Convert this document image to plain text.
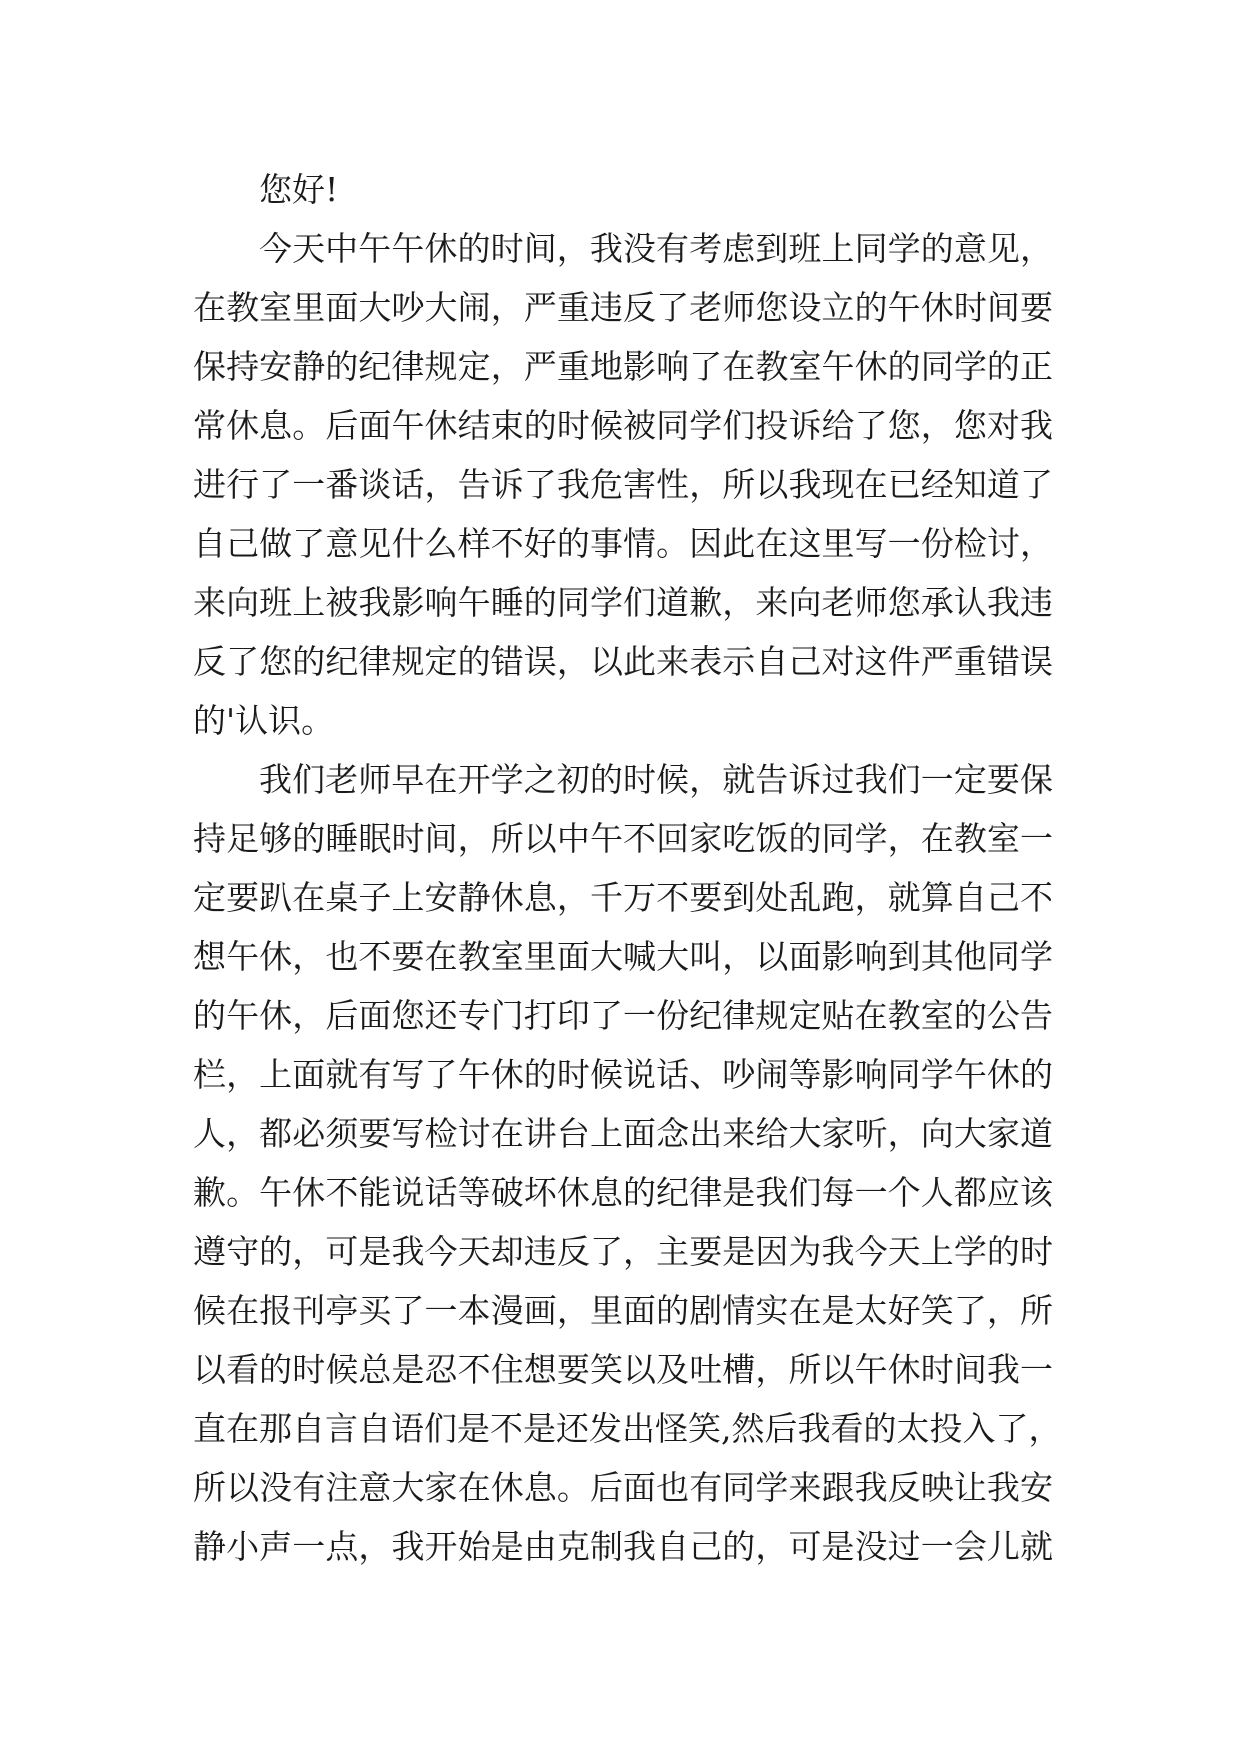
您好!
今天中午午休的时间，我没有考虑到班上同学的意见，
在教室里面大吵大闹，严重违反了老师您设立的午休时间要
保持安静的纪律规定，严重地影响了在教室午休的同学的正
常休息。后面午休结束的时候被同学们投诉给了您，您对我
进行了一番谈话，告诉了我危害性，所以我现在已经知道了
自己做了意见什么样不好的事情。因此在这里写一份检讨，
来向班上被我影响午睡的同学们道歉，来向老师您承认我违
反了您的纪律规定的错误，以此来表示自己对这件严重错误
的'认识。
我们老师早在开学之初的时候，就告诉过我们一定要保
持足够的睡眠时间，所以中午不回家吃饭的同学，在教室一
定要趴在桌子上安静休息，千万不要到处乱跑，就算自己不
想午休，也不要在教室里面大喊大叫，以面影响到其他同学
的午休，后面您还专门打印了一份纪律规定贴在教室的公告
栏，上面就有写了午休的时候说话、吵闹等影响同学午休的
人，都必须要写检讨在讲台上面念出来给大家听，向大家道
歉。午休不能说话等破坏休息的纪律是我们每一个人都应该
遵守的，可是我今天却违反了，主要是因为我今天上学的时
候在报刊亭买了一本漫画，里面的剧情实在是太好笑了，所
以看的时候总是忍不住想要笑以及吐槽，所以午休时间我一
直在那自言自语们是不是还发出怪笑,然后我看的太投入了，
所以没有注意大家在休息。后面也有同学来跟我反映让我安
静小声一点，我开始是由克制我自己的，可是没过一会儿就
